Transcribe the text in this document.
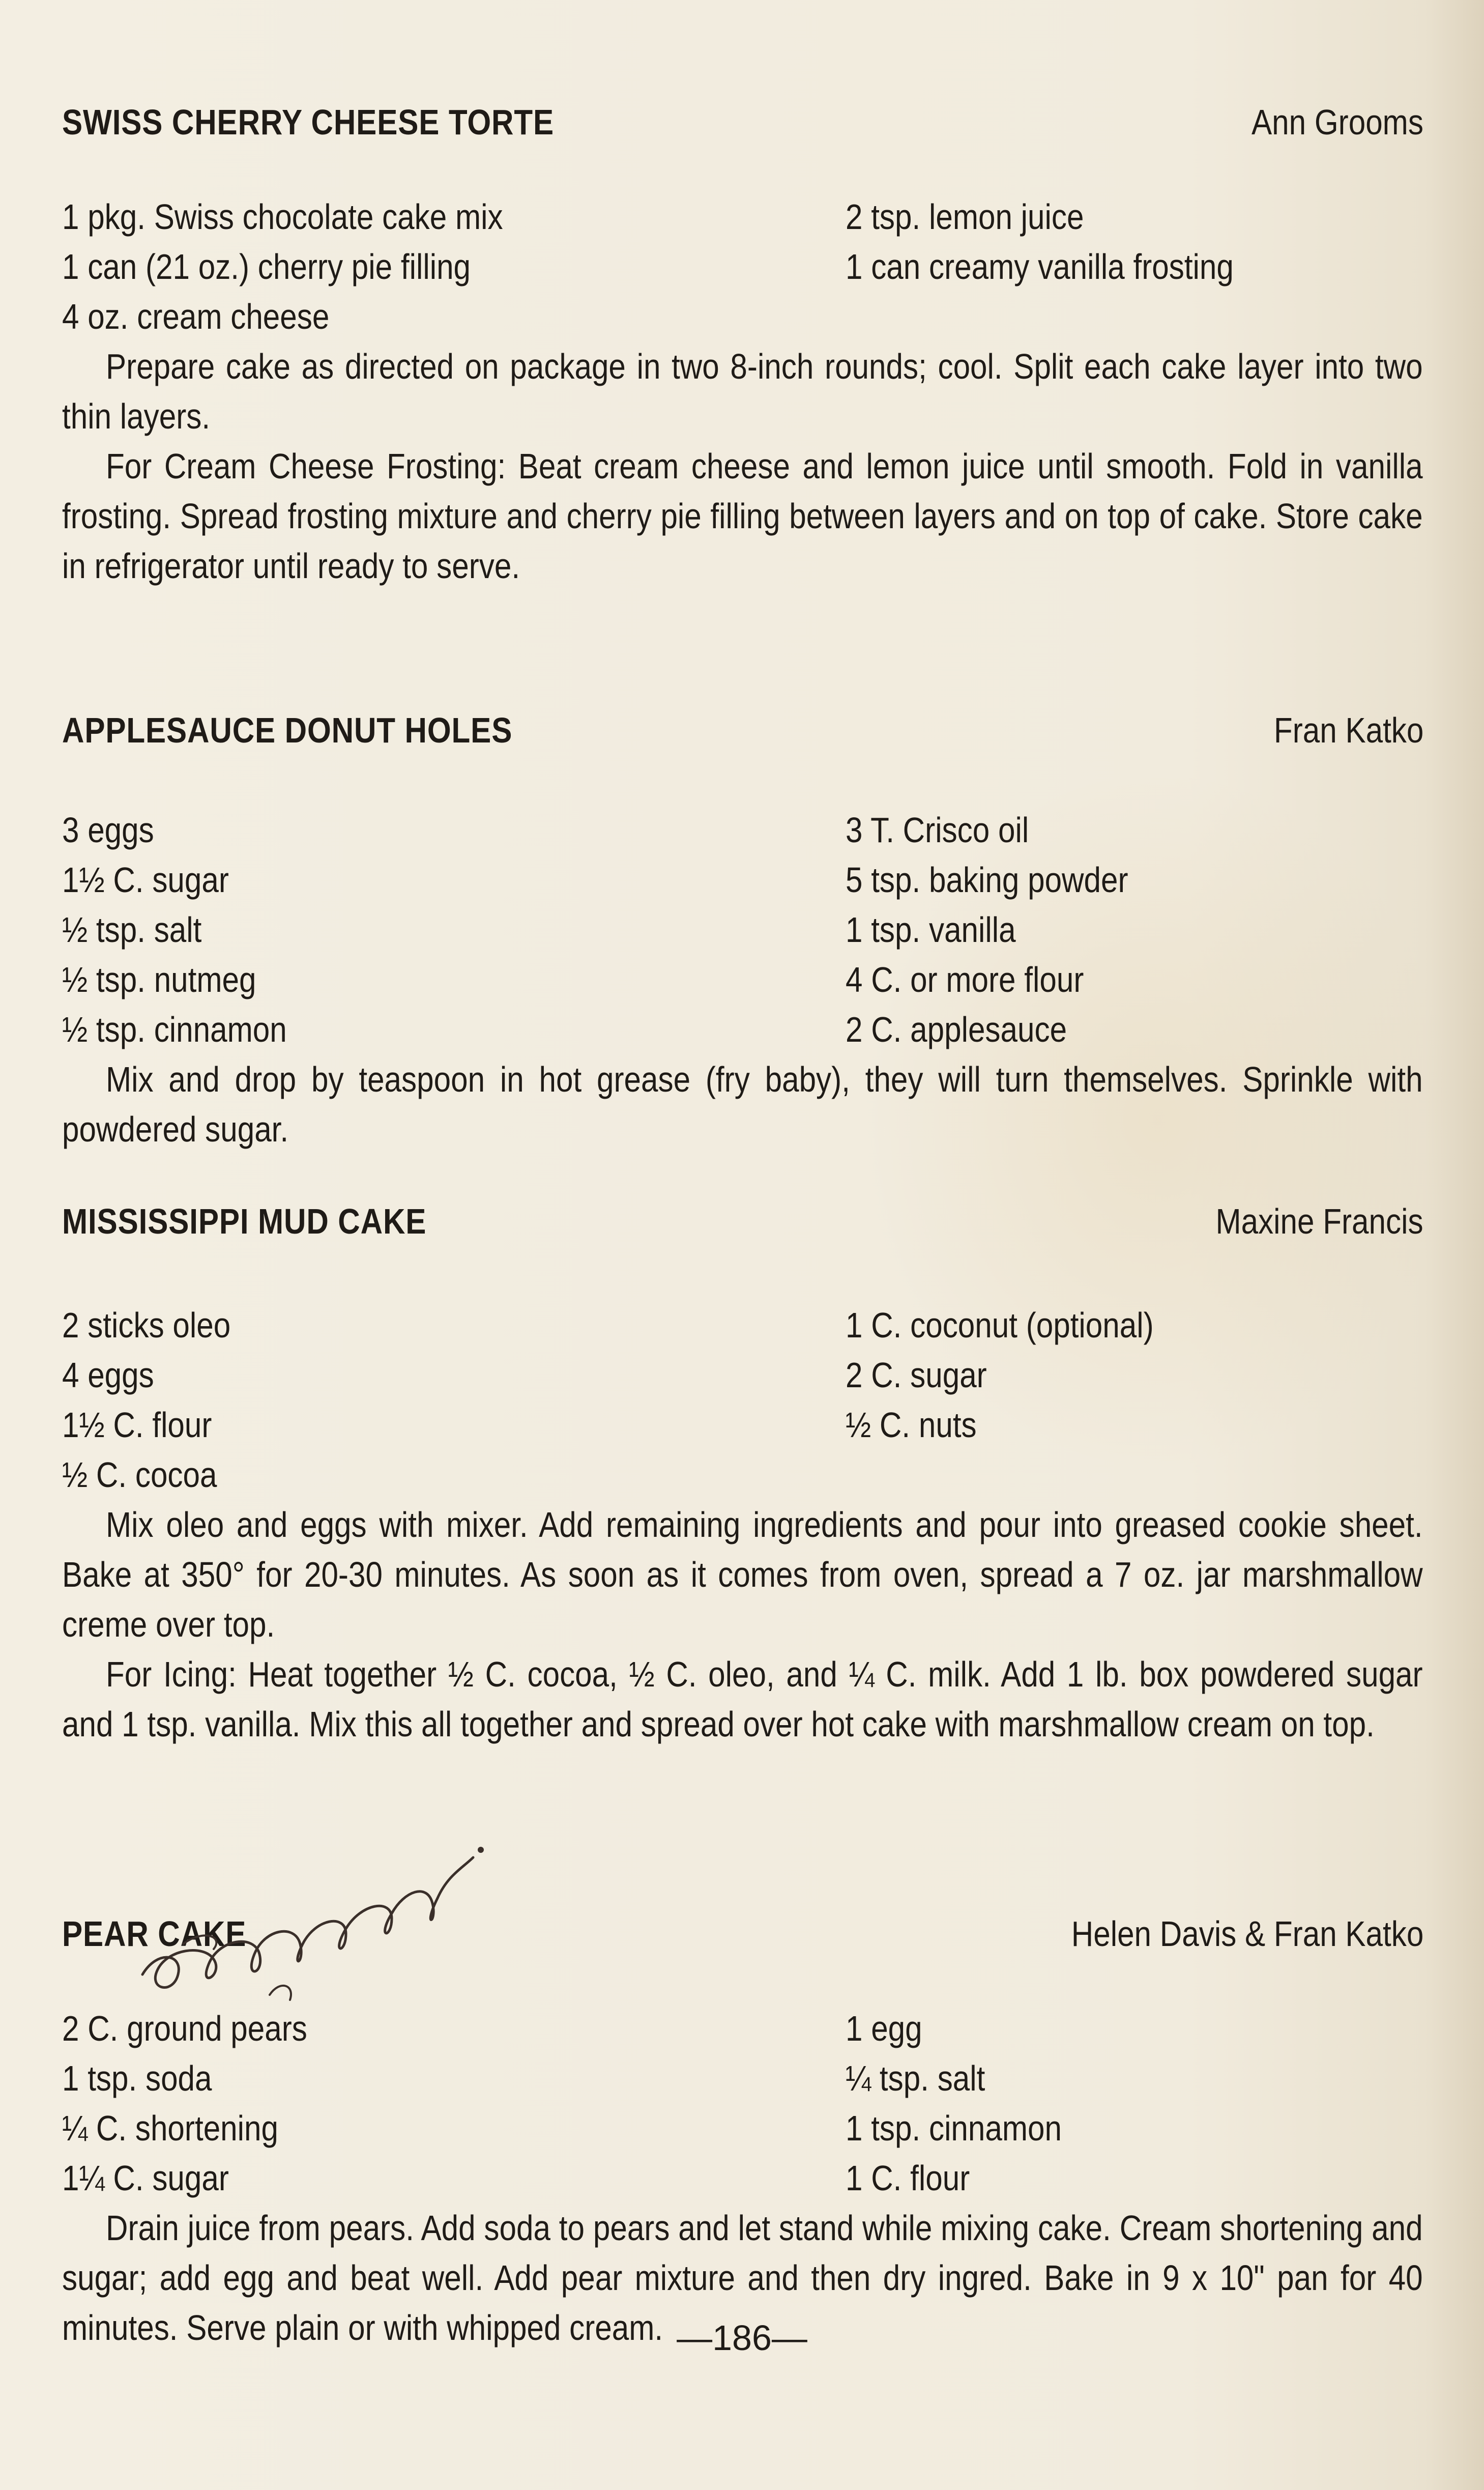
SWISS CHERRY CHEESE TORTE	Ann Grooms
1 pkg. Swiss chocolate cake mix
1 can (21 oz.) cherry pie filling
4 oz. cream cheese
2 tsp. lemon juice
1 can creamy vanilla frosting

Prepare cake as directed on package in two 8-inch rounds; cool. Split each cake layer into two thin layers.

For Cream Cheese Frosting: Beat cream cheese and lemon juice until smooth. Fold in vanilla frosting. Spread frosting mixture and cherry pie filling between layers and on top of cake. Store cake in refrigerator until ready to serve.

APPLESAUCE DONUT HOLES	Fran Katko
3 eggs
1½ C. sugar
½ tsp. salt
½ tsp. nutmeg
½ tsp. cinnamon
3 T. Crisco oil
5 tsp. baking powder
1 tsp. vanilla
4 C. or more flour
2 C. applesauce

Mix and drop by teaspoon in hot grease (fry baby), they will turn themselves. Sprinkle with powdered sugar.

MISSISSIPPI MUD CAKE	Maxine Francis
2 sticks oleo
4 eggs
1½ C. flour
½ C. cocoa
1 C. coconut (optional)
2 C. sugar
½ C. nuts

Mix oleo and eggs with mixer. Add remaining ingredients and pour into greased cookie sheet. Bake at 350° for 20-30 minutes. As soon as it comes from oven, spread a 7 oz. jar marshmallow creme over top.

For Icing: Heat together ½ C. cocoa, ½ C. oleo, and ¼ C. milk. Add 1 lb. box powdered sugar and 1 tsp. vanilla. Mix this all together and spread over hot cake with marshmallow cream on top.

PEAR CAKE	Helen Davis & Fran Katko
2 C. ground pears
1 tsp. soda
¼ C. shortening
1¼ C. sugar
1 egg
¼ tsp. salt
1 tsp. cinnamon
1 C. flour

Drain juice from pears. Add soda to pears and let stand while mixing cake. Cream shortening and sugar; add egg and beat well. Add pear mixture and then dry ingred. Bake in 9 x 10" pan for 40 minutes. Serve plain or with whipped cream. —186—
